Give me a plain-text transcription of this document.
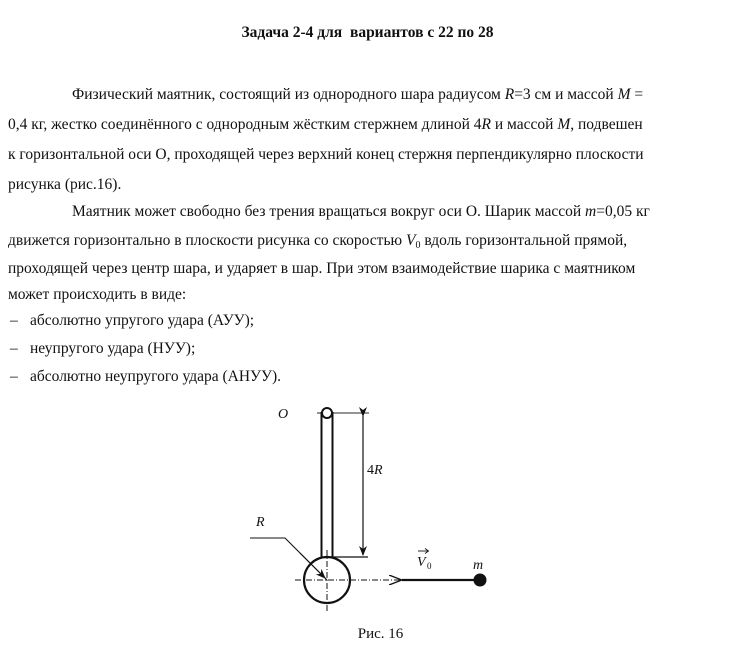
Задача 2-4 для  вариантов с 22 по 28
Физический маятник, состоящий из однородного шара радиусом R=3 см и массой M =
0,4 кг, жестко соединённого с однородным жёстким стержнем длиной 4R и массой M, подвешен
к горизонтальной оси О, проходящей через верхний конец стержня перпендикулярно плоскости
рисунка (рис.16).
Маятник может свободно без трения вращаться вокруг оси О. Шарик массой m=0,05 кг
движется горизонтально в плоскости рисунка со скоростью $V_0$ вдоль горизонтальной прямой,
проходящей через центр шара, и ударяет в шар. При этом взаимодействие шарика с маятником
может происходить в виде:
– абсолютно упругого удара (АУУ);
– неупругого удара (НУУ);
– абсолютно неупругого удара (АНУУ).
O
4R
R
V 0	m
Рис. 16
